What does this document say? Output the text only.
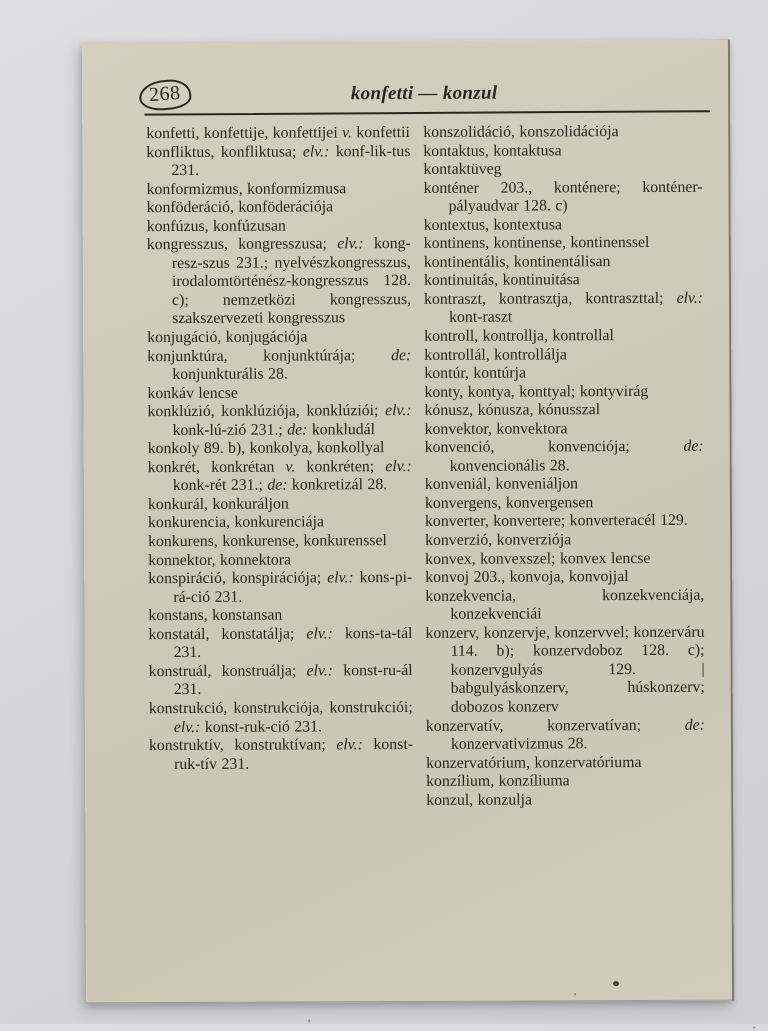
268	konfetti — konzul

konfetti, konfettije, konfettijei v. konfettii

konfliktus, konfliktusa; elv.: konf-lik-tus 231.

konformizmus, konformizmusa

konföderáció, konföderációja

konfúzus, konfúzusan

kongresszus, kongresszusa; elv.: kong-resz-szus 231.; nyelvészkongresszus, irodalomtörténész-kongresszus 128. c); nemzetközi kongresszus, szakszervezeti kongresszus

konjugáció, konjugációja

konjunktúra, konjunktúrája; de: konjunkturális 28.

konkáv lencse

konklúzió, konklúziója, konklúziói; elv.: konk-lú-zió 231.; de: konkludál

konkoly 89. b), konkolya, konkollyal

konkrét, konkrétan v. konkréten; elv.: konk-rét 231.; de: konkretizál 28.

konkurál, konkuráljon

konkurencia, konkurenciája

konkurens, konkurense, konkurenssel

konnektor, konnektora

konspiráció, konspirációja; elv.: kons-pi-rá-ció 231.

konstans, konstansan

konstatál, konstatálja; elv.: kons-ta-tál 231.

konstruál, konstruálja; elv.: konst-ru-ál 231.

konstrukció, konstrukciója, konstrukciói; elv.: konst-ruk-ció 231.

konstruktív, konstruktívan; elv.: konst-ruk-tív 231.

konszolidáció, konszolidációja

kontaktus, kontaktusa

kontaktüveg

konténer 203., konténere; konténer-pályaudvar 128. c)

kontextus, kontextusa

kontinens, kontinense, kontinenssel

kontinentális, kontinentálisan

kontinuitás, kontinuitása

kontraszt, kontrasztja, kontraszttal; elv.: kont-raszt

kontroll, kontrollja, kontrollal

kontrollál, kontrollálja

kontúr, kontúrja

konty, kontya, konttyal; kontyvirág

kónusz, kónusza, kónusszal

konvektor, konvektora

konvenció, konvenciója; de: konvencionális 28.

konveniál, konveniáljon

konvergens, konvergensen

konverter, konvertere; konverteracél 129.

konverzió, konverziója

konvex, konvexszel; konvex lencse

konvoj 203., konvoja, konvojjal

konzekvencia, konzekvenciája, konzekvenciái

konzerv, konzervje, konzervvel; konzerváru 114. b); konzervdoboz 128. c); konzervgulyás 129. | babgulyáskonzerv, húskonzerv; dobozos konzerv

konzervatív, konzervatívan; de: konzervativizmus 28.

konzervatórium, konzervatóriuma

konzílium, konzíliuma

konzul, konzulja
